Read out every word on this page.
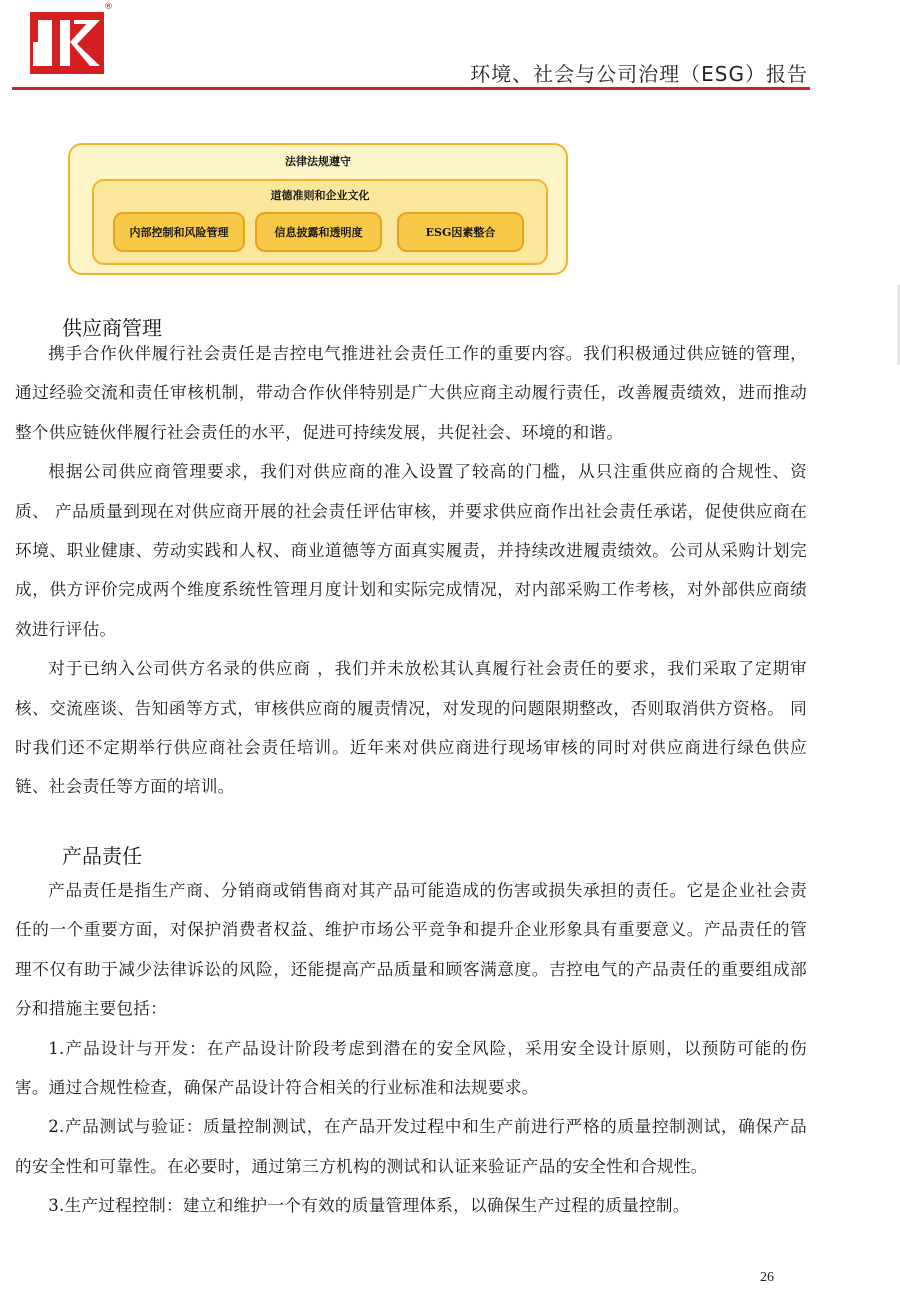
®
环境、社会与公司治理（ESG）报告
法律法规遵守
道德准则和企业文化
内部控制和风险管理	信息披露和透明度	ESG因素整合
供应商管理

携手合作伙伴履行社会责任是吉控电气推进社会责任工作的重要内容。我们积极通过供应链的管理，通过经验交流和责任审核机制，带动合作伙伴特别是广大供应商主动履行责任，改善履责绩效，进而推动整个供应链伙伴履行社会责任的水平，促进可持续发展，共促社会、环境的和谐。

根据公司供应商管理要求，我们对供应商的准入设置了较高的门槛，从只注重供应商的合规性、资质、 产品质量到现在对供应商开展的社会责任评估审核，并要求供应商作出社会责任承诺，促使供应商在环境、职业健康、劳动实践和人权、商业道德等方面真实履责，并持续改进履责绩效。公司从采购计划完成，供方评价完成两个维度系统性管理月度计划和实际完成情况，对内部采购工作考核，对外部供应商绩效进行评估。

对于已纳入公司供方名录的供应商 ，我们并未放松其认真履行社会责任的要求，我们采取了定期审核、交流座谈、告知函等方式，审核供应商的履责情况，对发现的问题限期整改，否则取消供方资格。 同时我们还不定期举行供应商社会责任培训。近年来对供应商进行现场审核的同时对供应商进行绿色供应链、社会责任等方面的培训。

产品责任

产品责任是指生产商、分销商或销售商对其产品可能造成的伤害或损失承担的责任。它是企业社会责任的一个重要方面，对保护消费者权益、维护市场公平竞争和提升企业形象具有重要意义。产品责任的管理不仅有助于减少法律诉讼的风险，还能提高产品质量和顾客满意度。吉控电气的产品责任的重要组成部分和措施主要包括：

1.产品设计与开发：在产品设计阶段考虑到潜在的安全风险，采用安全设计原则，以预防可能的伤害。通过合规性检查，确保产品设计符合相关的行业标准和法规要求。

2.产品测试与验证：质量控制测试，在产品开发过程中和生产前进行严格的质量控制测试，确保产品的安全性和可靠性。在必要时，通过第三方机构的测试和认证来验证产品的安全性和合规性。

3.生产过程控制：建立和维护一个有效的质量管理体系，以确保生产过程的质量控制。

26
